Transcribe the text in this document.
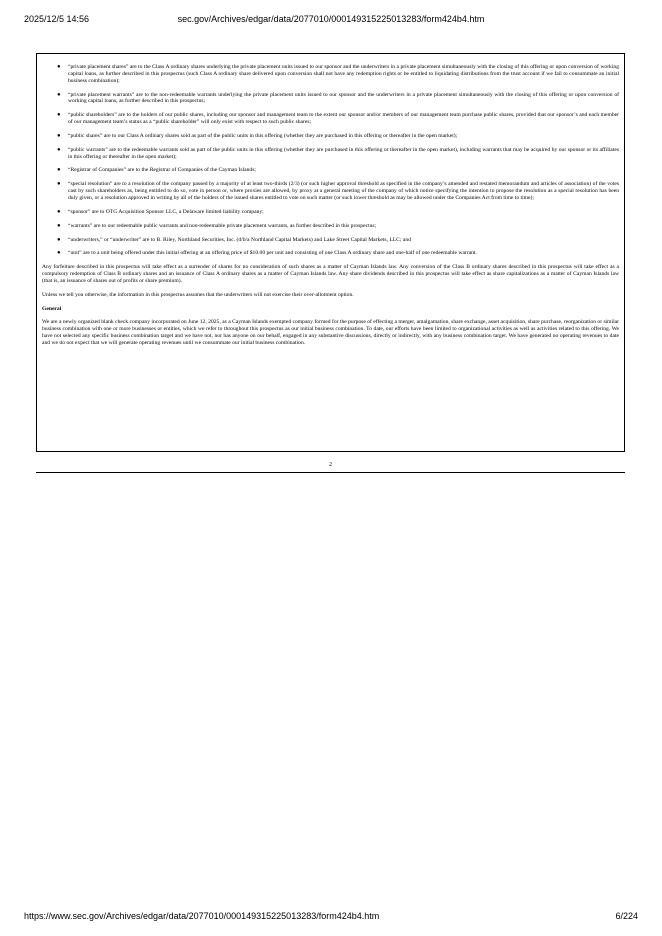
2025/12/5 14:56	sec.gov/Archives/edgar/data/2077010/000149315225013283/form424b4.htm
● “private placement shares” are to the Class A ordinary shares underlying the private placement units issued to our sponsor and the underwriters in a private placement simultaneously with the closing of this offering or upon conversion of working capital loans, as further described in this prospectus (such Class A ordinary share delivered upon conversion shall not have any redemption rights or be entitled to liquidating distributions from the trust account if we fail to consummate an initial business combination);
● “private placement warrants” are to the non-redeemable warrants underlying the private placement units issued to our sponsor and the underwriters in a private placement simultaneously with the closing of this offering or upon conversion of working capital loans, as further described in this prospectus;
● “public shareholders” are to the holders of our public shares, including our sponsor and management team to the extent our sponsor and/or members of our management team purchase public shares, provided that our sponsor’s and each member of our management team’s status as a “public shareholder” will only exist with respect to such public shares;
● “public shares” are to our Class A ordinary shares sold as part of the public units in this offering (whether they are purchased in this offering or thereafter in the open market);
● “public warrants” are to the redeemable warrants sold as part of the public units in this offering (whether they are purchased in this offering or thereafter in the open market), including warrants that may be acquired by our sponsor or its affiliates in this offering or thereafter in the open market);
● “Registrar of Companies” are to the Registrar of Companies of the Cayman Islands;
● “special resolution” are to a resolution of the company passed by a majority of at least two-thirds (2/3) (or such higher approval threshold as specified in the company’s amended and restated memorandum and articles of association) of the votes cast by such shareholders as, being entitled to do so, vote in person or, where proxies are allowed, by proxy at a general meeting of the company of which notice specifying the intention to propose the resolution as a special resolution has been duly given, or a resolution approved in writing by all of the holders of the issued shares entitled to vote on such matter (or such lower threshold as may be allowed under the Companies Act from time to time);
● “sponsor” are to OTG Acquisition Sponsor LLC, a Delaware limited liability company;
● “warrants” are to our redeemable public warrants and non-redeemable private placement warrants, as further described in this prospectus;
● “underwriters,” or “underwriter” are to B. Riley, Northland Securities, Inc. (d/b/a Northland Capital Markets) and Lake Street Capital Markets, LLC; and
● “unit” are to a unit being offered under this initial offering at an offering price of $10.00 per unit and consisting of one Class A ordinary share and one-half of one redeemable warrant.

Any forfeiture described in this prospectus will take effect as a surrender of shares for no consideration of such shares as a matter of Cayman Islands law. Any conversion of the Class B ordinary shares described in this prospectus will take effect as a compulsory redemption of Class B ordinary shares and an issuance of Class A ordinary shares as a matter of Cayman Islands law. Any share dividends described in this prospectus will take effect as share capitalizations as a matter of Cayman Islands law (that is, an issuance of shares out of profits or share premium).

Unless we tell you otherwise, the information in this prospectus assumes that the underwriters will not exercise their over-allotment option.

General

We are a newly organized blank check company incorporated on June 12, 2025, as a Cayman Islands exempted company formed for the purpose of effecting a merger, amalgamation, share exchange, asset acquisition, share purchase, reorganization or similar business combination with one or more businesses or entities, which we refer to throughout this prospectus as our initial business combination. To date, our efforts have been limited to organizational activities as well as activities related to this offering. We have not selected any specific business combination target and we have not, nor has anyone on our behalf, engaged in any substantive discussions, directly or indirectly, with any business combination target. We have generated no operating revenues to date and we do not expect that we will generate operating revenues until we consummate our initial business combination.

2
https://www.sec.gov/Archives/edgar/data/2077010/000149315225013283/form424b4.htm	6/224
